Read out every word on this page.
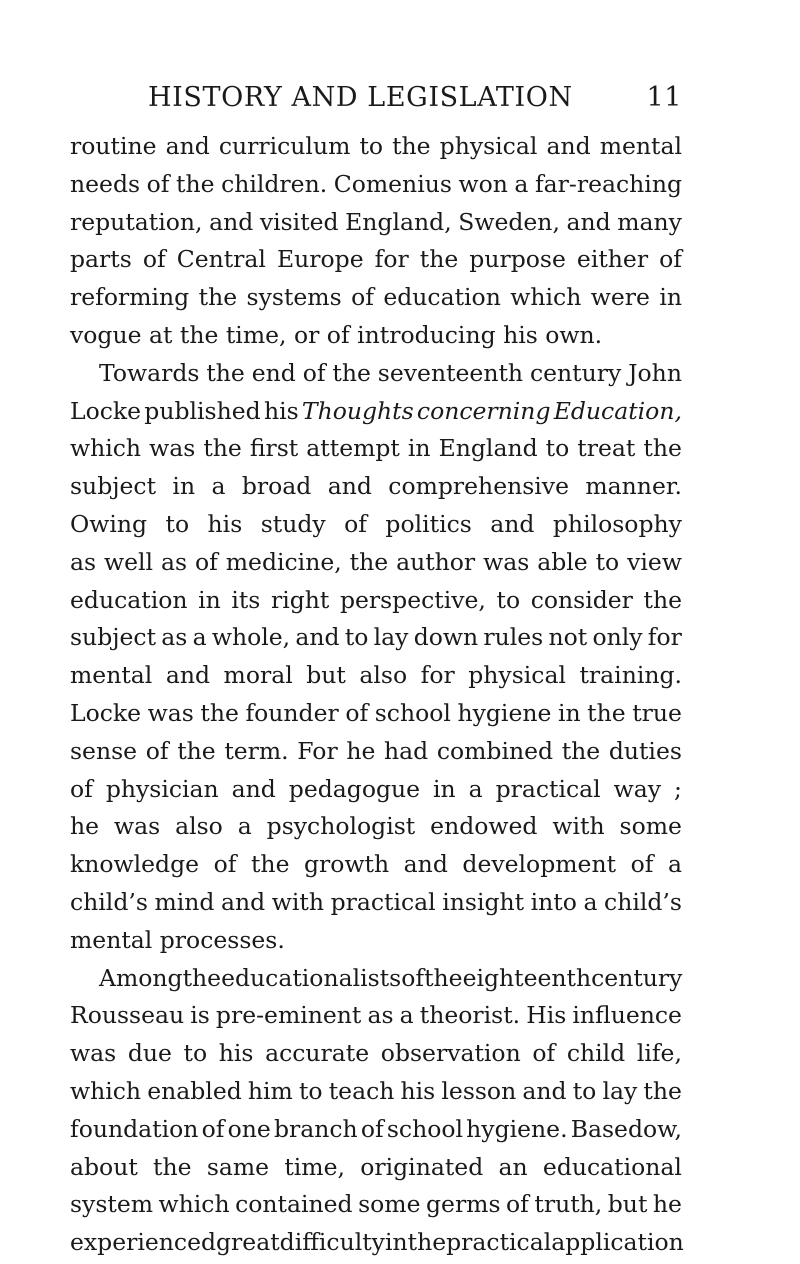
HISTORY AND LEGISLATION	11
routine and curriculum to the physical and mental
needs of the children. Comenius won a far-reaching
reputation, and visited England, Sweden, and many
parts of Central Europe for the purpose either of
reforming the systems of education which were in
vogue at the time, or of introducing his own.
Towards the end of the seventeenth century John
Locke published his Thoughts concerning Education,
which was the first attempt in England to treat the
subject in a broad and comprehensive manner.
Owing to his study of politics and philosophy
as well as of medicine, the author was able to view
education in its right perspective, to consider the
subject as a whole, and to lay down rules not only for
mental and moral but also for physical training.
Locke was the founder of school hygiene in the true
sense of the term. For he had combined the duties
of physician and pedagogue in a practical way ;
he was also a psychologist endowed with some
knowledge of the growth and development of a
child’s mind and with practical insight into a child’s
mental processes.
Among the educationalists of the eighteenth century
Rousseau is pre-eminent as a theorist. His influence
was due to his accurate observation of child life,
which enabled him to teach his lesson and to lay the
foundation of one branch of school hygiene. Basedow,
about the same time, originated an educational
system which contained some germs of truth, but he
experienced great difficulty in the practical application
